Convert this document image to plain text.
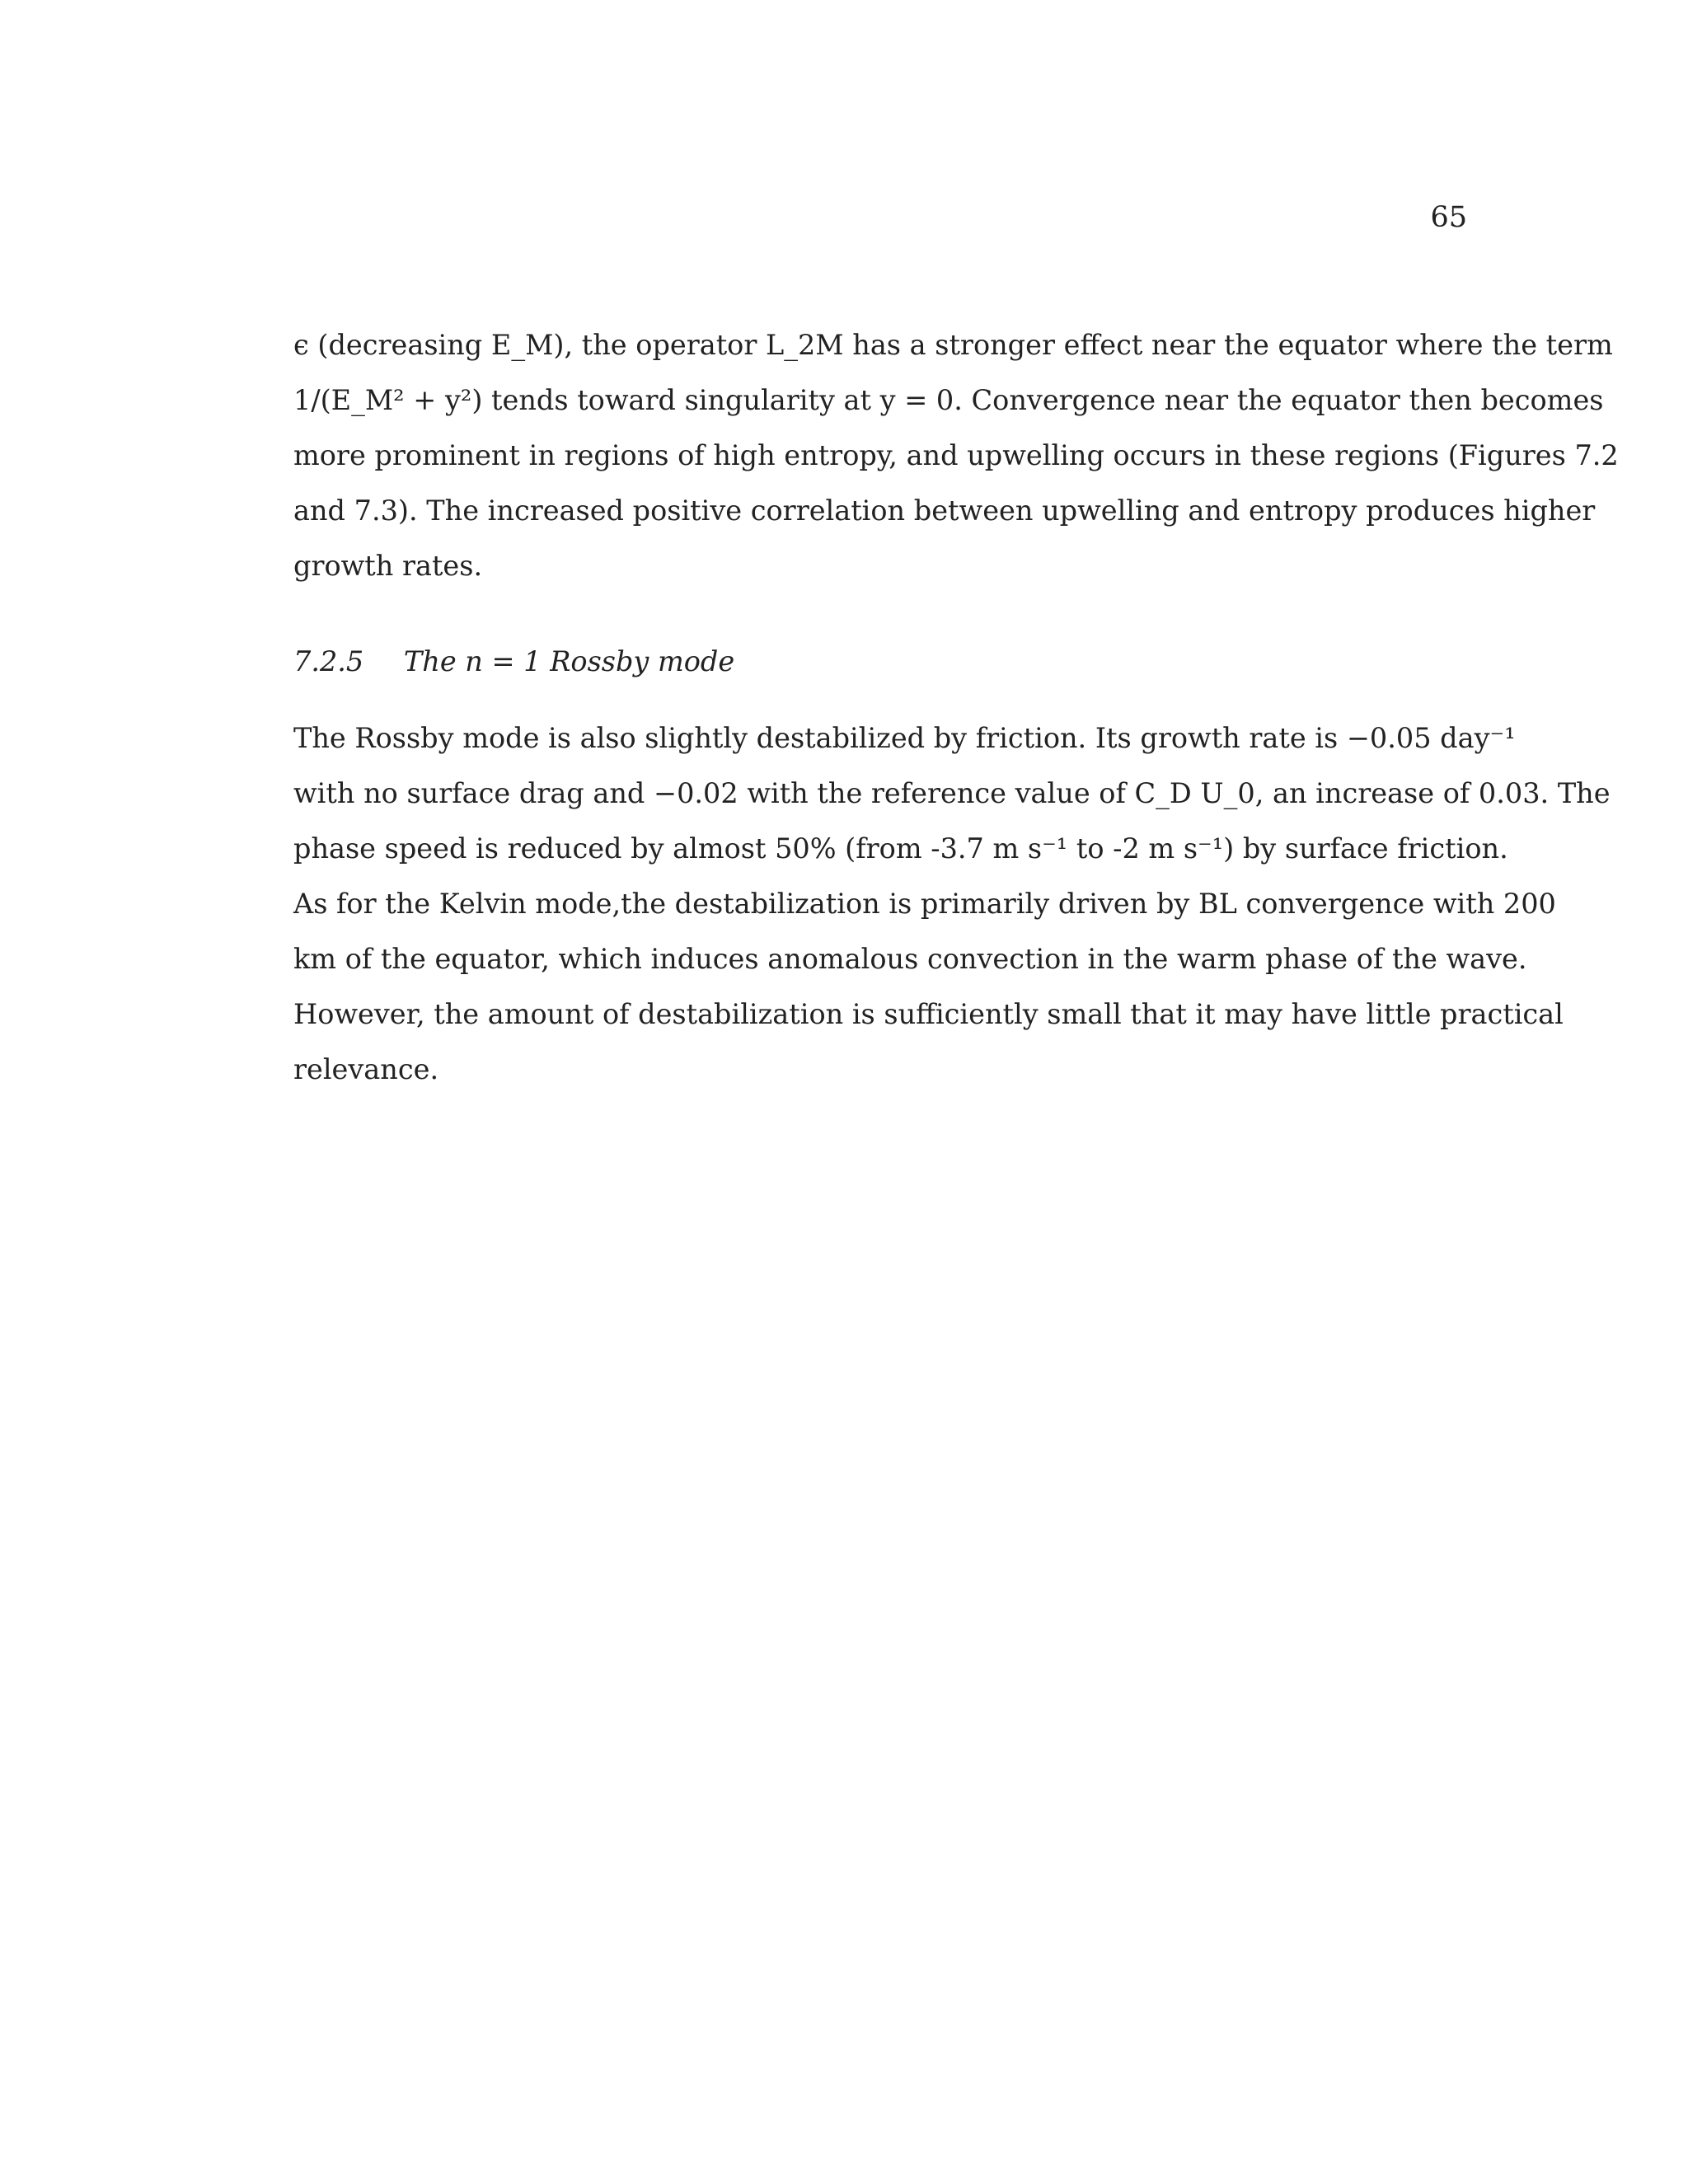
65
ϵ (decreasing E_M), the operator L_2M has a stronger effect near the equator where the term
1/(E_M² + y²) tends toward singularity at y = 0. Convergence near the equator then becomes
more prominent in regions of high entropy, and upwelling occurs in these regions (Figures 7.2
and 7.3). The increased positive correlation between upwelling and entropy produces higher
growth rates.
7.2.5 The n = 1 Rossby mode
The Rossby mode is also slightly destabilized by friction. Its growth rate is −0.05 day⁻¹
with no surface drag and −0.02 with the reference value of C_D U_0, an increase of 0.03. The
phase speed is reduced by almost 50% (from -3.7 m s⁻¹ to -2 m s⁻¹) by surface friction.
As for the Kelvin mode,the destabilization is primarily driven by BL convergence with 200
km of the equator, which induces anomalous convection in the warm phase of the wave.
However, the amount of destabilization is sufficiently small that it may have little practical
relevance.
